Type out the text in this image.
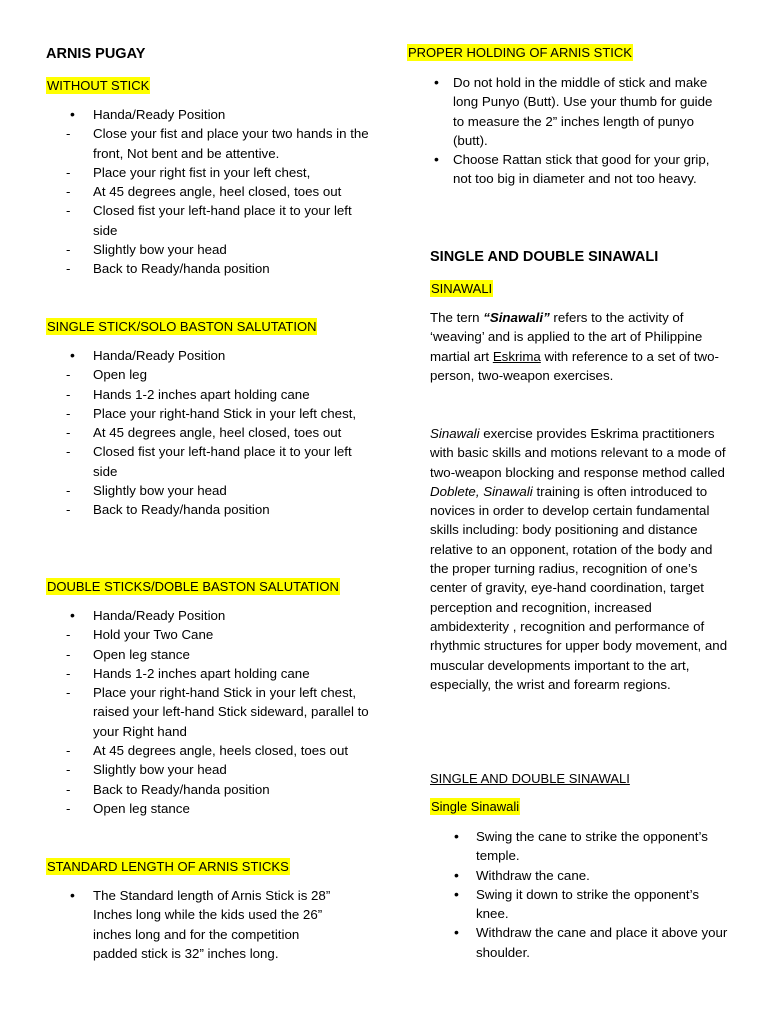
ARNIS PUGAY
WITHOUT STICK
•
Handa/Ready Position
-
Close your fist and place your two hands in the front, Not bent and be attentive.
-
Place your right fist in your left chest,
-
At 45 degrees angle, heel closed, toes out
-
Closed fist your left-hand place it to your left side
-
Slightly bow your head
-
Back to Ready/handa position
SINGLE STICK/SOLO BASTON SALUTATION
•
Handa/Ready Position
-
Open leg
-
Hands 1-2 inches apart holding cane
-
Place your right-hand Stick in your left chest,
-
At 45 degrees angle, heel closed, toes out
-
Closed fist your left-hand place it to your left side
-
Slightly bow your head
-
Back to Ready/handa position
DOUBLE STICKS/DOBLE BASTON SALUTATION
•
Handa/Ready Position
-
Hold your Two Cane
-
Open leg stance
-
Hands 1-2 inches apart holding cane
-
Place your right-hand Stick in your left chest, raised your left-hand Stick sideward, parallel to your Right hand
-
At 45 degrees angle, heels closed, toes out
-
Slightly bow your head
-
Back to Ready/handa position
-
Open leg stance
STANDARD LENGTH OF ARNIS STICKS
•
The Standard length of Arnis Stick is 28” Inches long while the kids used the 26” inches long and for the competition padded stick is 32” inches long.
PROPER HOLDING OF ARNIS STICK
•
Do not hold in the middle of stick and make long Punyo (Butt). Use your thumb for guide to measure the 2” inches length of punyo (butt).
•
Choose Rattan stick that good for your grip, not too big in diameter and not too heavy.
SINGLE AND DOUBLE SINAWALI
SINAWALI

The tern “Sinawali” refers to the activity of ‘weaving’ and is applied to the art of Philippine martial art Eskrima with reference to a set of two-person, two-weapon exercises.

Sinawali exercise provides Eskrima practitioners with basic skills and motions relevant to a mode of two-weapon blocking and response method called Doblete, Sinawali training is often introduced to novices in order to develop certain fundamental skills including: body positioning and distance relative to an opponent, rotation of the body and the proper turning radius, recognition of one’s center of gravity, eye-hand coordination, target perception and recognition, increased ambidexterity , recognition and performance of rhythmic structures for upper body movement, and muscular developments important to the art, especially, the wrist and forearm regions.

SINGLE AND DOUBLE SINAWALI
Single Sinawali
•
Swing the cane to strike the opponent’s temple.
•
Withdraw the cane.
•
Swing it down to strike the opponent’s knee.
•
Withdraw the cane and place it above your shoulder.
